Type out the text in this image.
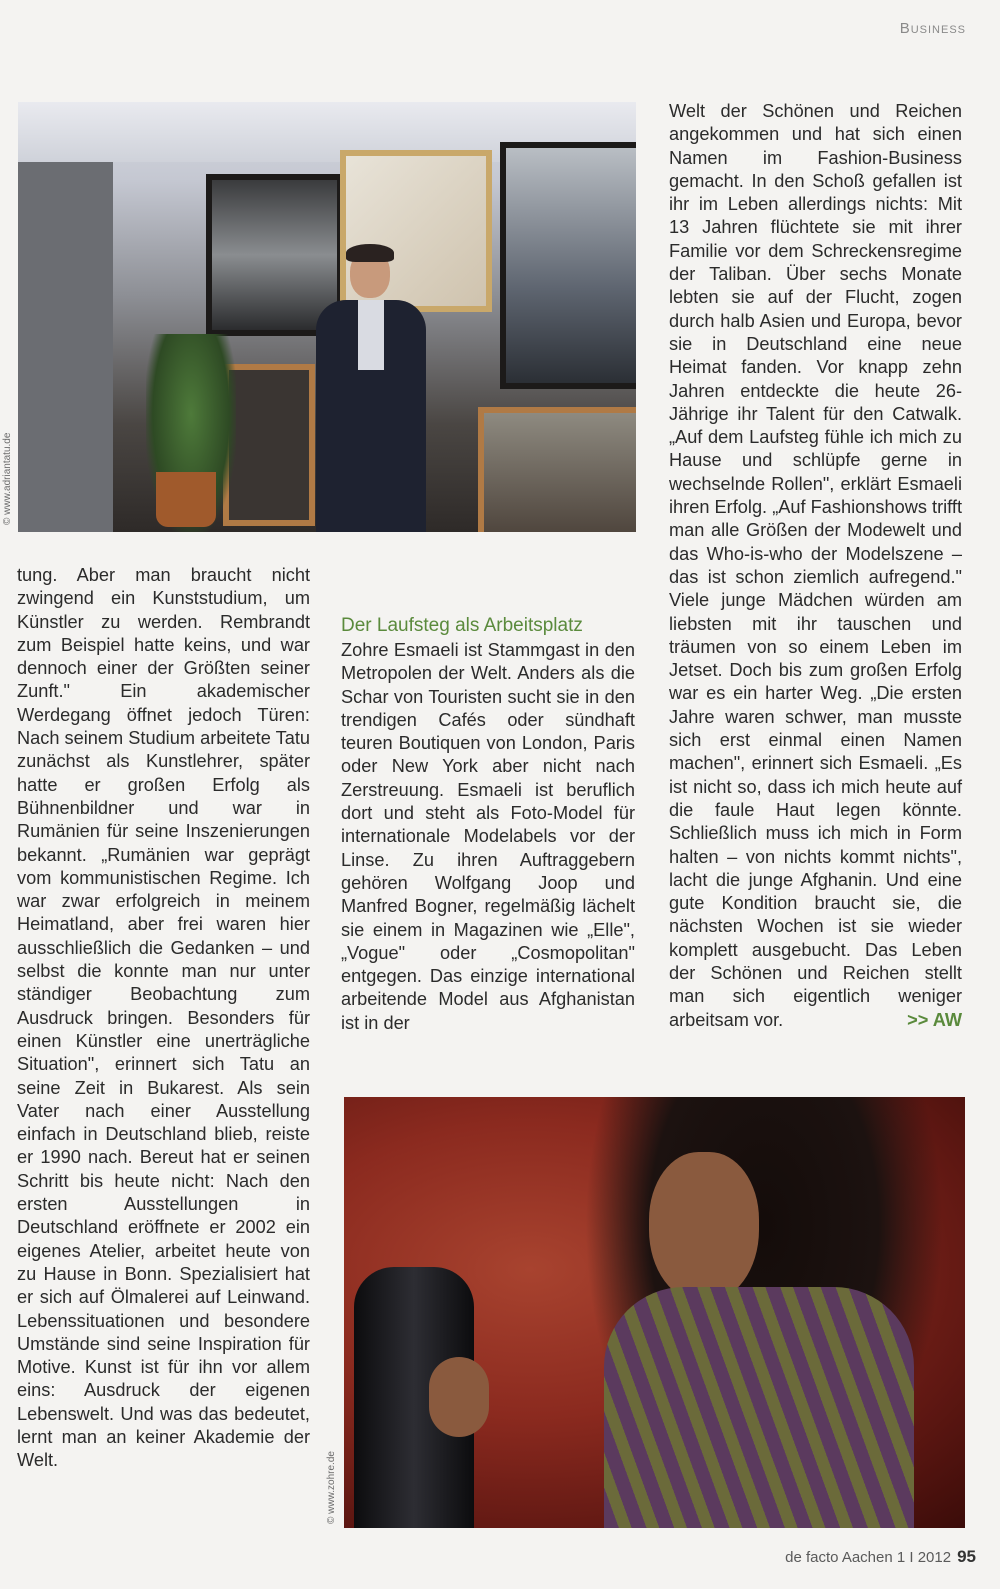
Business
© www.adriantatu.de

tung. Aber man braucht nicht zwingend ein Kunststudium, um Künstler zu werden. Rembrandt zum Beispiel hatte keins, und war dennoch einer der Größten seiner Zunft." Ein akademischer Werdegang öffnet jedoch Türen: Nach seinem Studium arbeitete Tatu zunächst als Kunstlehrer, später hatte er großen Erfolg als Bühnenbildner und war in Rumänien für seine Inszenierungen bekannt. „Rumänien war geprägt vom kommunistischen Regime. Ich war zwar erfolgreich in meinem Heimatland, aber frei waren hier ausschließlich die Gedanken – und selbst die konnte man nur unter ständiger Beobachtung zum Ausdruck bringen. Besonders für einen Künstler eine unerträgliche Situation", erinnert sich Tatu an seine Zeit in Bukarest. Als sein Vater nach einer Ausstellung einfach in Deutschland blieb, reiste er 1990 nach. Bereut hat er seinen Schritt bis heute nicht: Nach den ersten Ausstellungen in Deutschland eröffnete er 2002 ein eigenes Atelier, arbeitet heute von zu Hause in Bonn. Spezialisiert hat er sich auf Ölmalerei auf Leinwand. Lebenssituationen und besondere Umstände sind seine Inspiration für Motive. Kunst ist für ihn vor allem eins: Ausdruck der eigenen Lebenswelt. Und was das bedeutet, lernt man an keiner Akademie der Welt.

Der Laufsteg als Arbeitsplatz

Zohre Esmaeli ist Stammgast in den Metropolen der Welt. Anders als die Schar von Touristen sucht sie in den trendigen Cafés oder sündhaft teuren Boutiquen von London, Paris oder New York aber nicht nach Zerstreuung. Esmaeli ist beruflich dort und steht als Foto-Model für internationale Modelabels vor der Linse. Zu ihren Auftraggebern gehören Wolfgang Joop und Manfred Bogner, regelmäßig lächelt sie einem in Magazinen wie „Elle", „Vogue" oder „Cosmopolitan" entgegen. Das einzige international arbeitende Model aus Afghanistan ist in der

Welt der Schönen und Reichen angekommen und hat sich einen Namen im Fashion-Business gemacht. In den Schoß gefallen ist ihr im Leben allerdings nichts: Mit 13 Jahren flüchtete sie mit ihrer Familie vor dem Schreckensregime der Taliban. Über sechs Monate lebten sie auf der Flucht, zogen durch halb Asien und Europa, bevor sie in Deutschland eine neue Heimat fanden. Vor knapp zehn Jahren entdeckte die heute 26-Jährige ihr Talent für den Catwalk. „Auf dem Laufsteg fühle ich mich zu Hause und schlüpfe gerne in wechselnde Rollen", erklärt Esmaeli ihren Erfolg. „Auf Fashionshows trifft man alle Größen der Modewelt und das Who-is-who der Modelszene – das ist schon ziemlich aufregend." Viele junge Mädchen würden am liebsten mit ihr tauschen und träumen von so einem Leben im Jetset. Doch bis zum großen Erfolg war es ein harter Weg. „Die ersten Jahre waren schwer, man musste sich erst einmal einen Namen machen", erinnert sich Esmaeli. „Es ist nicht so, dass ich mich heute auf die faule Haut legen könnte. Schließlich muss ich mich in Form halten – von nichts kommt nichts", lacht die junge Afghanin. Und eine gute Kondition braucht sie, die nächsten Wochen ist sie wieder komplett ausgebucht. Das Leben der Schönen und Reichen stellt man sich eigentlich weniger arbeitsam vor.	>> AW

© www.zohre.de
de facto Aachen 1 I 2012 95
